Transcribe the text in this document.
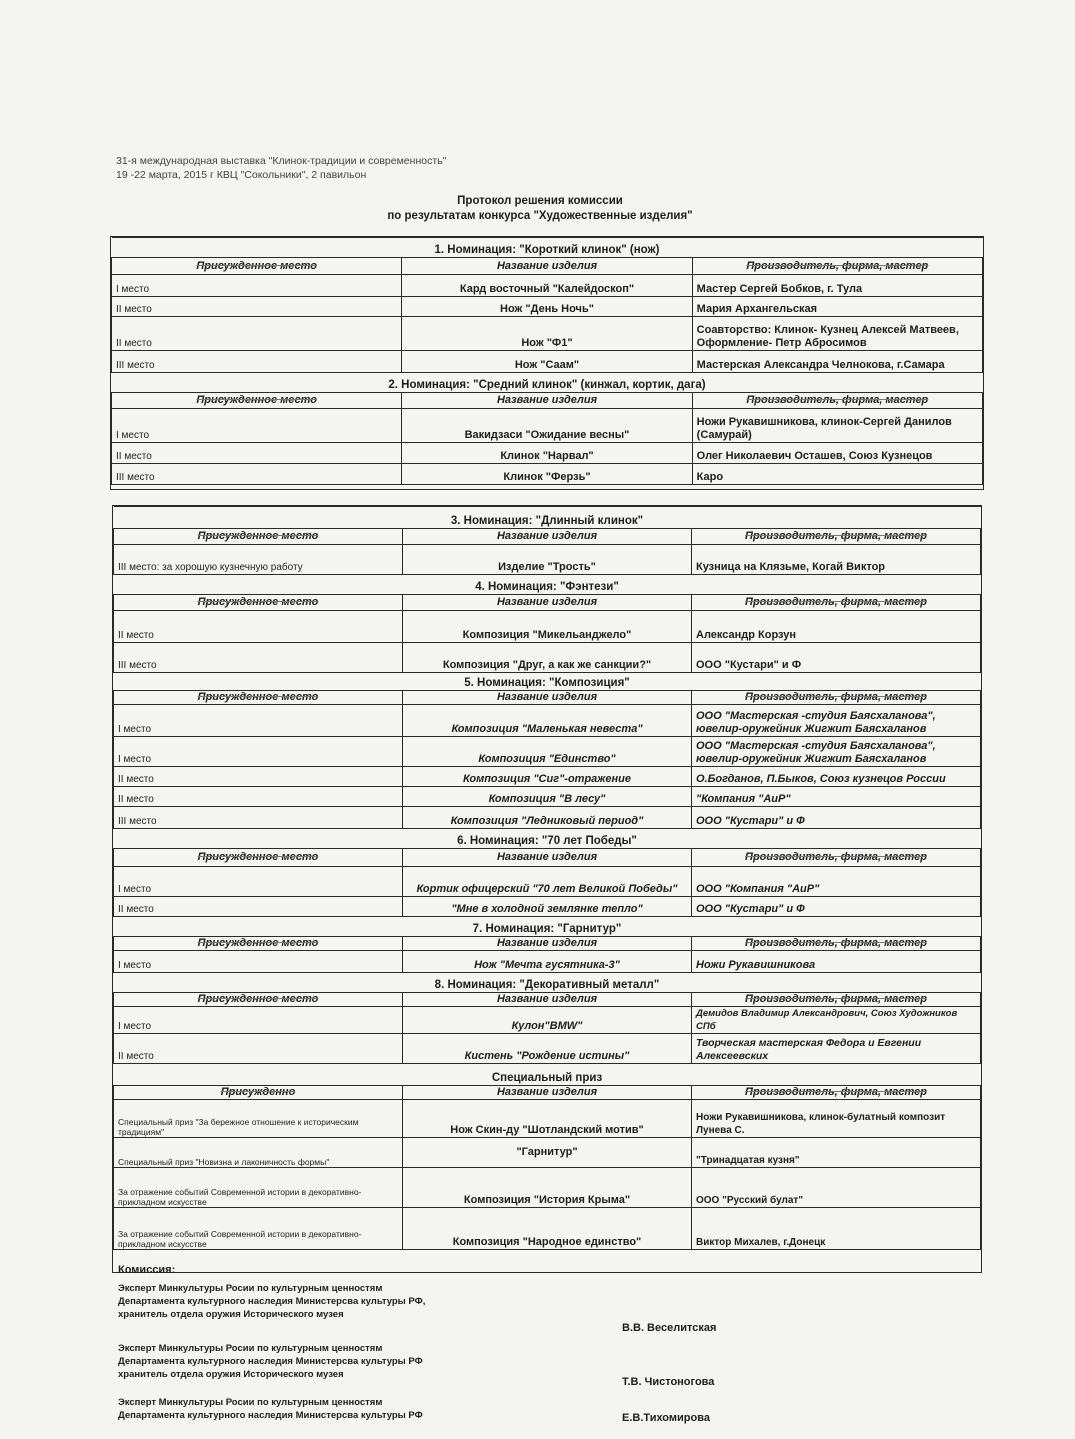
31-я международная выставка "Клинок-традиции и современность"
19 -22 марта, 2015 г КВЦ "Сокольники", 2 павильон
Протокол решения комиссии
по результатам конкурса "Художественные изделия"
1. Номинация: "Короткий клинок" (нож)		
Присужденное место	Название изделия	Производитель, фирма, мастер
I место	Кард восточный "Калейдоскоп"	Мастер Сергей Бобков, г. Тула
II место	Нож "День Ночь"	Мария Архангельская
II место	Нож "Ф1"	Соавторство: Клинок- Кузнец Алексей Матвеев, Оформление- Петр Абросимов
III место	Нож "Саам"	Мастерская Александра Челнокова, г.Самара
2. Номинация: "Средний клинок" (кинжал, кортик, дага)		
Присужденное место	Название изделия	Производитель, фирма, мастер
I место	Вакидзаси "Ожидание весны"	Ножи Рукавишникова, клинок-Сергей Данилов (Самурай)
II место	Клинок "Нарвал"	Олег Николаевич Осташев, Союз Кузнецов
III место	Клинок "Ферзь"	Каро
3. Номинация: "Длинный клинок"		
Присужденное место	Название изделия	Производитель, фирма, мастер
III место: за хорошую кузнечную работу	Изделие "Трость"	Кузница на Клязьме, Когай Виктор
4. Номинация: "Фэнтези"		
Присужденное место	Название изделия	Производитель, фирма, мастер
II место	Композиция "Микельанджело"	Александр Корзун
III место	Композиция "Друг, а как же санкции?"	ООО "Кустари" и Ф
5. Номинация: "Композиция"		
Присужденное место	Название изделия	Производитель, фирма, мастер
I место	Композиция "Маленькая невеста"	ООО "Мастерская -студия Баясхаланова", ювелир-оружейник Жигжит Баясхаланов
I место	Композиция "Единство"	ООО "Мастерская -студия Баясхаланова", ювелир-оружейник Жигжит Баясхаланов
II место	Композиция "Сиг"-отражение	О.Богданов, П.Быков, Союз кузнецов России
II место	Композиция "В лесу"	"Компания "АиР"
III место	Композиция "Ледниковый период"	ООО "Кустари" и Ф
6. Номинация: "70 лет Победы"		
Присужденное место	Название изделия	Производитель, фирма, мастер
I место	Кортик офицерский "70 лет Великой Победы"	ООО "Компания "АиР"
II место	"Мне в холодной землянке тепло"	ООО "Кустари" и Ф
7. Номинация: "Гарнитур"		
Присужденное место	Название изделия	Производитель, фирма, мастер
I место	Нож "Мечта гусятника-3"	Ножи Рукавишникова
8. Номинация: "Декоративный металл"		
Присужденное место	Название изделия	Производитель, фирма, мастер
I место	Кулон"BMW"	Демидов Владимир Александрович, Союз Художников СПб
II место	Кистень "Рождение истины"	Творческая мастерская Федора и Евгении Алексеевских
Специальный приз		
Присужденно	Название изделия	Производитель, фирма, мастер
Специальный приз "За бережное отношение к историческим традициям"	Нож Скин-ду "Шотландский мотив"	Ножи Рукавишникова, клинок-булатный композит Лунева С.
Специальный приз "Новизна и лаконичность формы"	"Гарнитур"	"Тринадцатая кузня"
За отражение событий Современной истории в декоративно-прикладном искусстве	Композиция "История Крыма"	ООО "Русский булат"
За отражение событий Современной истории в декоративно-прикладном искусстве	Композиция "Народное единство"	Виктор Михалев, г.Донецк
Комиссия:
Эксперт Минкультуры Росии по культурным ценностям
Департамента культурного наследия Министерсва культуры РФ,
хранитель отдела оружия Исторического музея
В.В. Веселитская
Эксперт Минкультуры Росии по культурным ценностям
Департамента культурного наследия Министерсва культуры РФ
хранитель отдела оружия Исторического музея
Т.В. Чистоногова
Эксперт Минкультуры Росии по культурным ценностям
Департамента культурного наследия Министерсва культуры РФ	Е.В.Тихомирова
